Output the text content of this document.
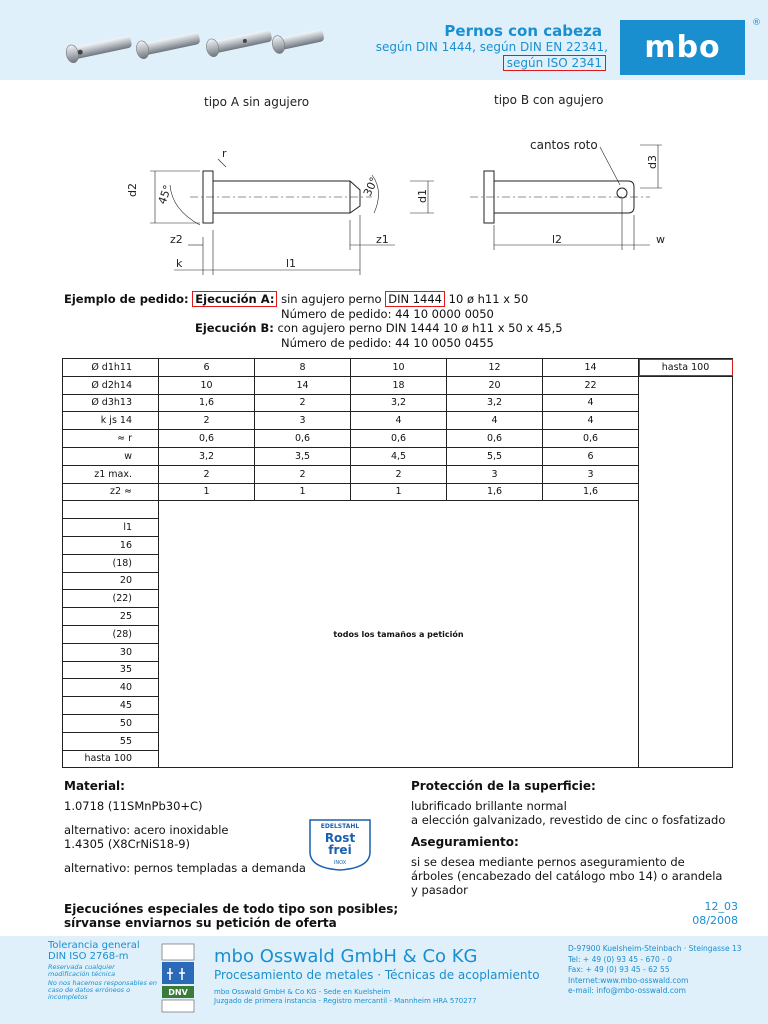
Pernos con cabeza
según DIN 1444, según DIN EN 22341,
según ISO 2341	mbo
®
tipo A sin agujero	tipo B con agujero
cantos roto
d2 45°
r
30°	d1
z2	z1
k	l1
l2	w
d3
Ejemplo de pedido: Ejecución A: sin agujero perno DIN 1444 10 ø h11 x 50
Número de pedido: 44 10 0000 0050
Ejecución B: con agujero perno DIN 1444 10 ø h11 x 50 x 45,5
Número de pedido: 44 10 0050 0455
Ø d1h11	6	8	10	12	14	hasta 100
Ø d2h14	10	14	18	20	22	
Ø d3h13	1,6	2	3,2	3,2	4	
k js 14	2	3	4	4	4	
≈ r	0,6	0,6	0,6	0,6	0,6	
w	3,2	3,5	4,5	5,5	6	
z1 max.	2	2	2	3	3	
z2 ≈	1	1	1	1,6	1,6	
	todos los tamaños a petición					
l1						
16						
(18)						
20						
(22)						
25						
(28)						
30						
35						
40						
45						
50						
55						
hasta 100						
Material:
1.0718 (11SMnPb30+C)
alternativo: acero inoxidable
1.4305 (X8CrNiS18-9)
alternativo: pernos templadas a demanda
EDELSTAHL
Rost
frei
INOX
Protección de la superficie:
lubrificado brillante normal
a elección galvanizado, revestido de cinc o fosfatizado
Aseguramiento:
si se desea mediante pernos aseguramiento de
árboles (encabezado del catálogo mbo 14) o arandela
y pasador
Ejecuciónes especiales de todo tipo son posibles;
sírvanse enviarnos su petición de oferta
12_03
08/2008
Tolerancia general
DIN ISO 2768-m
Reservada cualquier
modificación técnica
No nos hacemos responsables en
caso de datos erróneos o
incompletos	DNV
mbo Osswald GmbH & Co KG
Procesamiento de metales · Técnicas de acoplamiento
mbo Osswald GmbH & Co KG - Sede en Kuelsheim
Juzgado de primera instancia - Registro mercantil - Mannheim HRA 570277
D-97900 Kuelsheim-Steinbach · Steingasse 13
Tel: + 49 (0) 93 45 - 670 - 0
Fax: + 49 (0) 93 45 - 62 55
Internet:www.mbo-osswald.com
e-mail: info@mbo-osswald.com
